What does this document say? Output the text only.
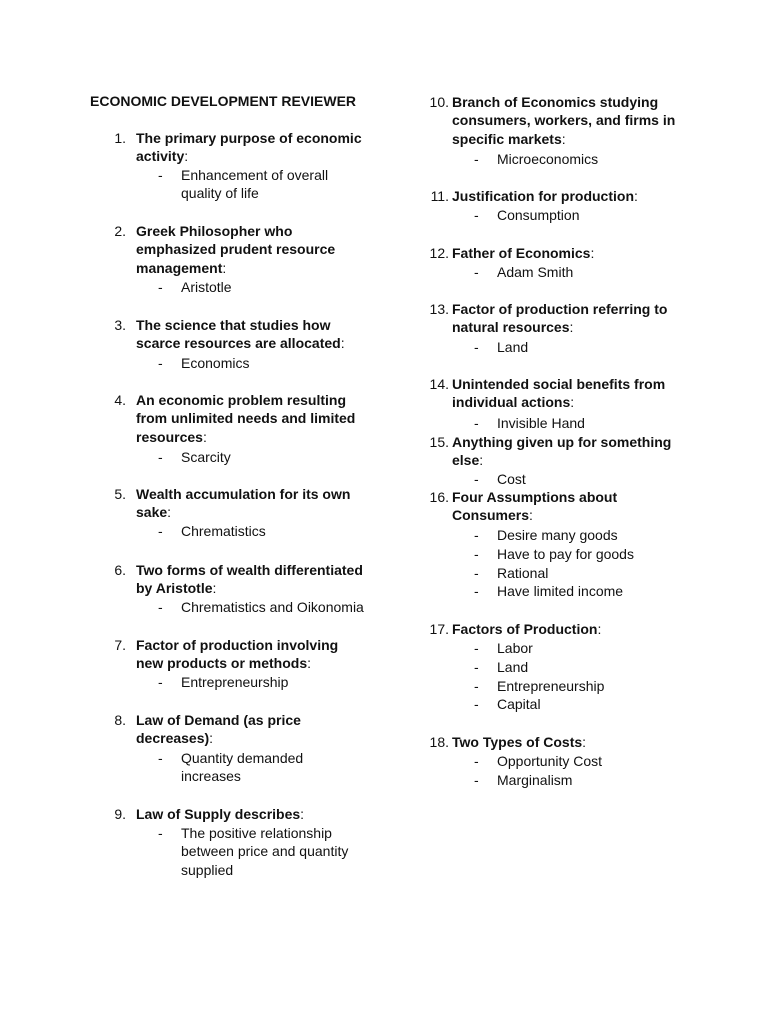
ECONOMIC DEVELOPMENT REVIEWER
1. The primary purpose of economic
activity:
- Enhancement of overall
quality of life
2. Greek Philosopher who
emphasized prudent resource
management:
- Aristotle
3. The science that studies how
scarce resources are allocated:
- Economics
4. An economic problem resulting
from unlimited needs and limited
resources:
- Scarcity
5. Wealth accumulation for its own
sake:
- Chrematistics
6. Two forms of wealth differentiated
by Aristotle:
- Chrematistics and Oikonomia
7. Factor of production involving
new products or methods:
- Entrepreneurship
8. Law of Demand (as price
decreases):
- Quantity demanded
increases
9. Law of Supply describes:
- The positive relationship
between price and quantity
supplied
10. Branch of Economics studying
consumers, workers, and firms in
specific markets:
- Microeconomics
11. Justification for production:
- Consumption
12. Father of Economics:
- Adam Smith
13. Factor of production referring to
natural resources:
- Land
14. Unintended social benefits from
individual actions:
- Invisible Hand
15. Anything given up for something
else:
- Cost
16. Four Assumptions about
Consumers:
- Desire many goods
- Have to pay for goods
- Rational
- Have limited income
17. Factors of Production:
- Labor
- Land
- Entrepreneurship
- Capital
18. Two Types of Costs:
- Opportunity Cost
- Marginalism
